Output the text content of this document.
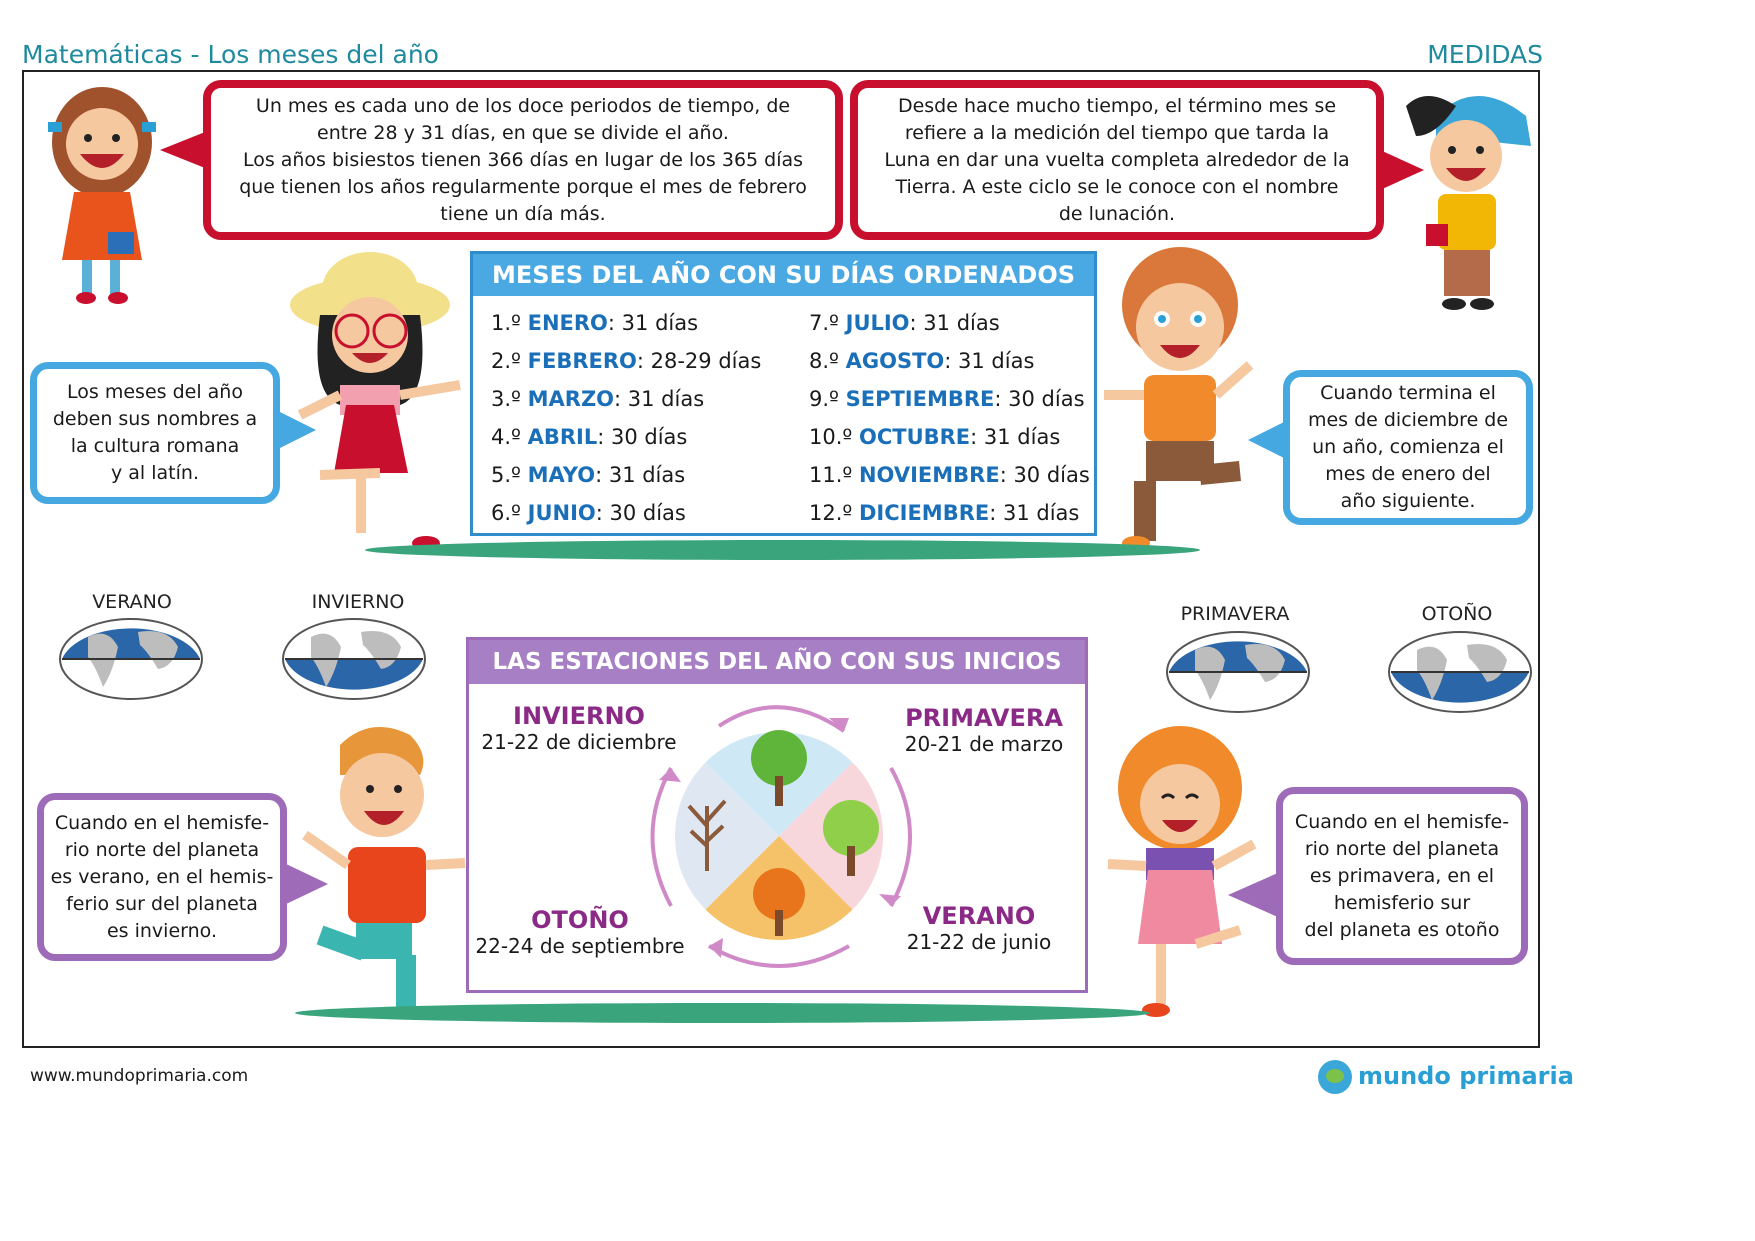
Matemáticas - Los meses del año	MEDIDAS
Un mes es cada uno de los doce periodos de tiempo, de
entre 28 y 31 días, en que se divide el año.
Los años bisiestos tienen 366 días en lugar de los 365 días
que tienen los años regularmente porque el mes de febrero
tiene un día más.
Desde hace mucho tiempo, el término mes se
refiere a la medición del tiempo que tarda la
Luna en dar una vuelta completa alrededor de la
Tierra. A este ciclo se le conoce con el nombre
de lunación.
Los meses del año
deben sus nombres a
la cultura romana
y al latín.
Cuando termina el
mes de diciembre de
un año, comienza el
mes de enero del
año siguiente.
MESES DEL AÑO CON SU DÍAS ORDENADOS
1.º ENERO: 31 días
2.º FEBRERO: 28-29 días
3.º MARZO: 31 días
4.º ABRIL: 30 días
5.º MAYO: 31 días
6.º JUNIO: 30 días
7.º JULIO: 31 días
8.º AGOSTO: 31 días
9.º SEPTIEMBRE: 30 días
10.º OCTUBRE: 31 días
11.º NOVIEMBRE: 30 días
12.º DICIEMBRE: 31 días
VERANO	INVIERNO
PRIMAVERA	OTOÑO
LAS ESTACIONES DEL AÑO CON SUS INICIOS
INVIERNO
21-22 de diciembre
PRIMAVERA
20-21 de marzo
OTOÑO
22-24 de septiembre
VERANO
21-22 de junio
Cuando en el hemisfe-
rio norte del planeta
es verano, en el hemis-
ferio sur del planeta
es invierno.
Cuando en el hemisfe-
rio norte del planeta
es primavera, en el
hemisferio sur
del planeta es otoño
www.mundoprimaria.com	mundo primaria
